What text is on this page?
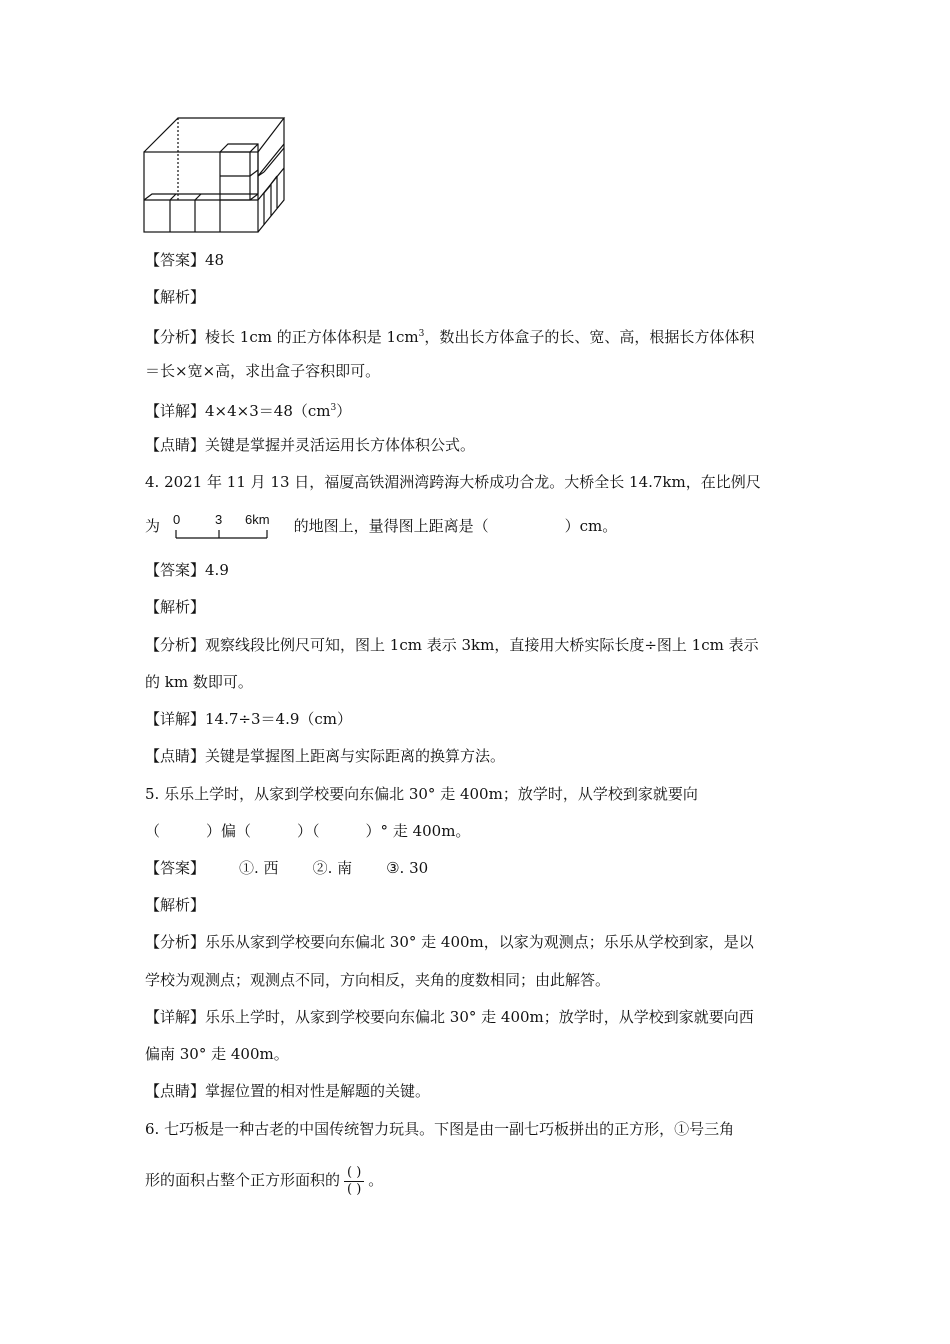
【答案】48
【解析】
【分析】棱长 1cm 的正方体体积是 $1cm^3$，数出长方体盒子的长、宽、高，根据长方体体积
＝长×宽×高，求出盒子容积即可。
【详解】$4\times 4\times 3=48(cm^3)$
【点睛】关键是掌握并灵活运用长方体体积公式。
4. 2021 年 11 月 13 日，福厦高铁湄洲湾跨海大桥成功合龙。大桥全长 14.7km，在比例尺
为 0	3 6km 的地图上，量得图上距离是（	）cm。
【答案】4.9
【解析】
【分析】观察线段比例尺可知，图上 1cm 表示 3km，直接用大桥实际长度÷图上 1cm 表示
的 km 数即可。
【详解】14.7÷3＝4.9（cm）
【点睛】关键是掌握图上距离与实际距离的换算方法。
5. 乐乐上学时，从家到学校要向东偏北 30° 走 400m；放学时，从学校到家就要向
（	）偏（	）（	）° 走 400m。
【答案】 ①. 西 ②. 南 ③. 30
【解析】
【分析】乐乐从家到学校要向东偏北 30° 走 400m，以家为观测点；乐乐从学校到家，是以
学校为观测点；观测点不同，方向相反，夹角的度数相同；由此解答。
【详解】乐乐上学时，从家到学校要向东偏北 30° 走 400m；放学时，从学校到家就要向西
偏南 30° 走 400m。
【点睛】掌握位置的相对性是解题的关键。
6. 七巧板是一种古老的中国传统智力玩具。下图是由一副七巧板拼出的正方形，①号三角
形的面积占整个正方形面积的 $\frac{( )}{( )}$ 。
